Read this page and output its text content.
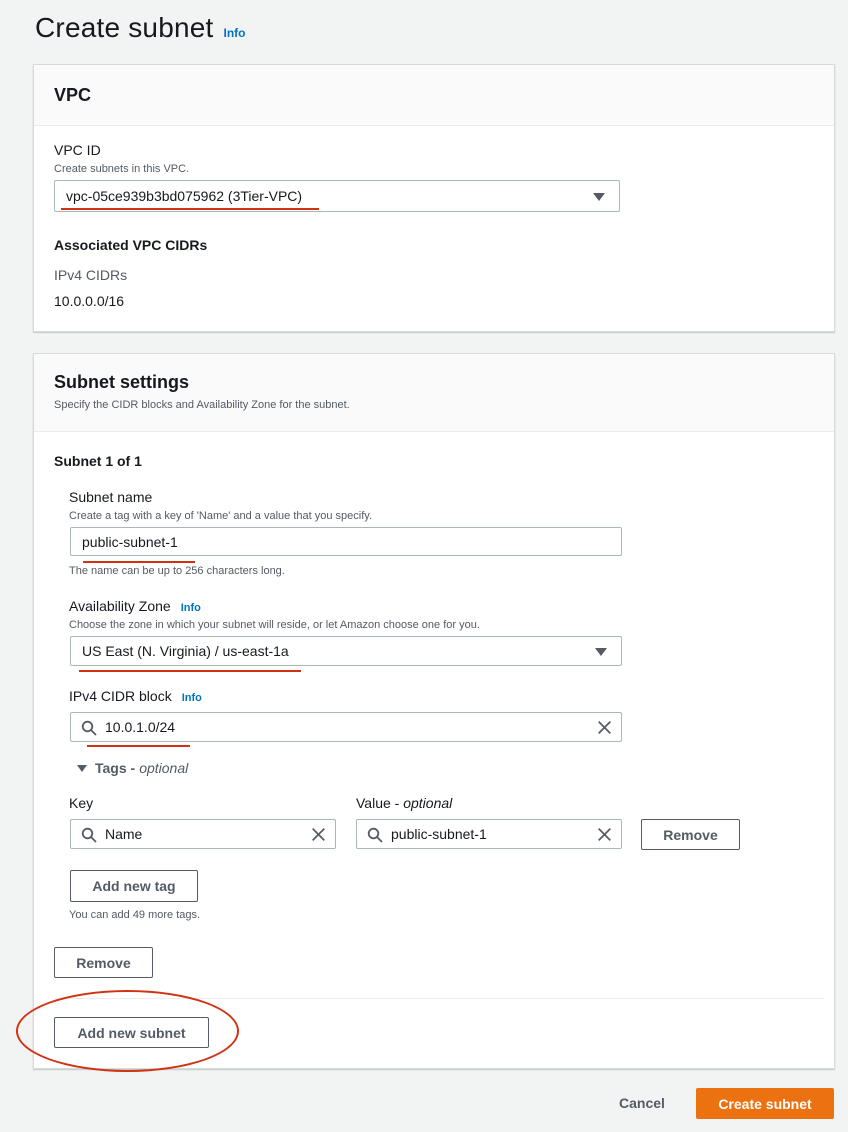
Create subnet Info
VPC
VPC ID
Create subnets in this VPC.
vpc-05ce939b3bd075962 (3Tier-VPC)
Associated VPC CIDRs
IPv4 CIDRs
10.0.0.0/16
Subnet settings
Specify the CIDR blocks and Availability Zone for the subnet.
Subnet 1 of 1
Subnet name
Create a tag with a key of 'Name' and a value that you specify.
public-subnet-1
The name can be up to 256 characters long.
Availability Zone Info
Choose the zone in which your subnet will reside, or let Amazon choose one for you.
US East (N. Virginia) / us-east-1a
IPv4 CIDR block Info
10.0.1.0/24
Tags - optional
Key	Value - optional
Name	public-subnet-1	Remove
Add new tag
You can add 49 more tags.
Remove
Add new subnet
Cancel	Create subnet
